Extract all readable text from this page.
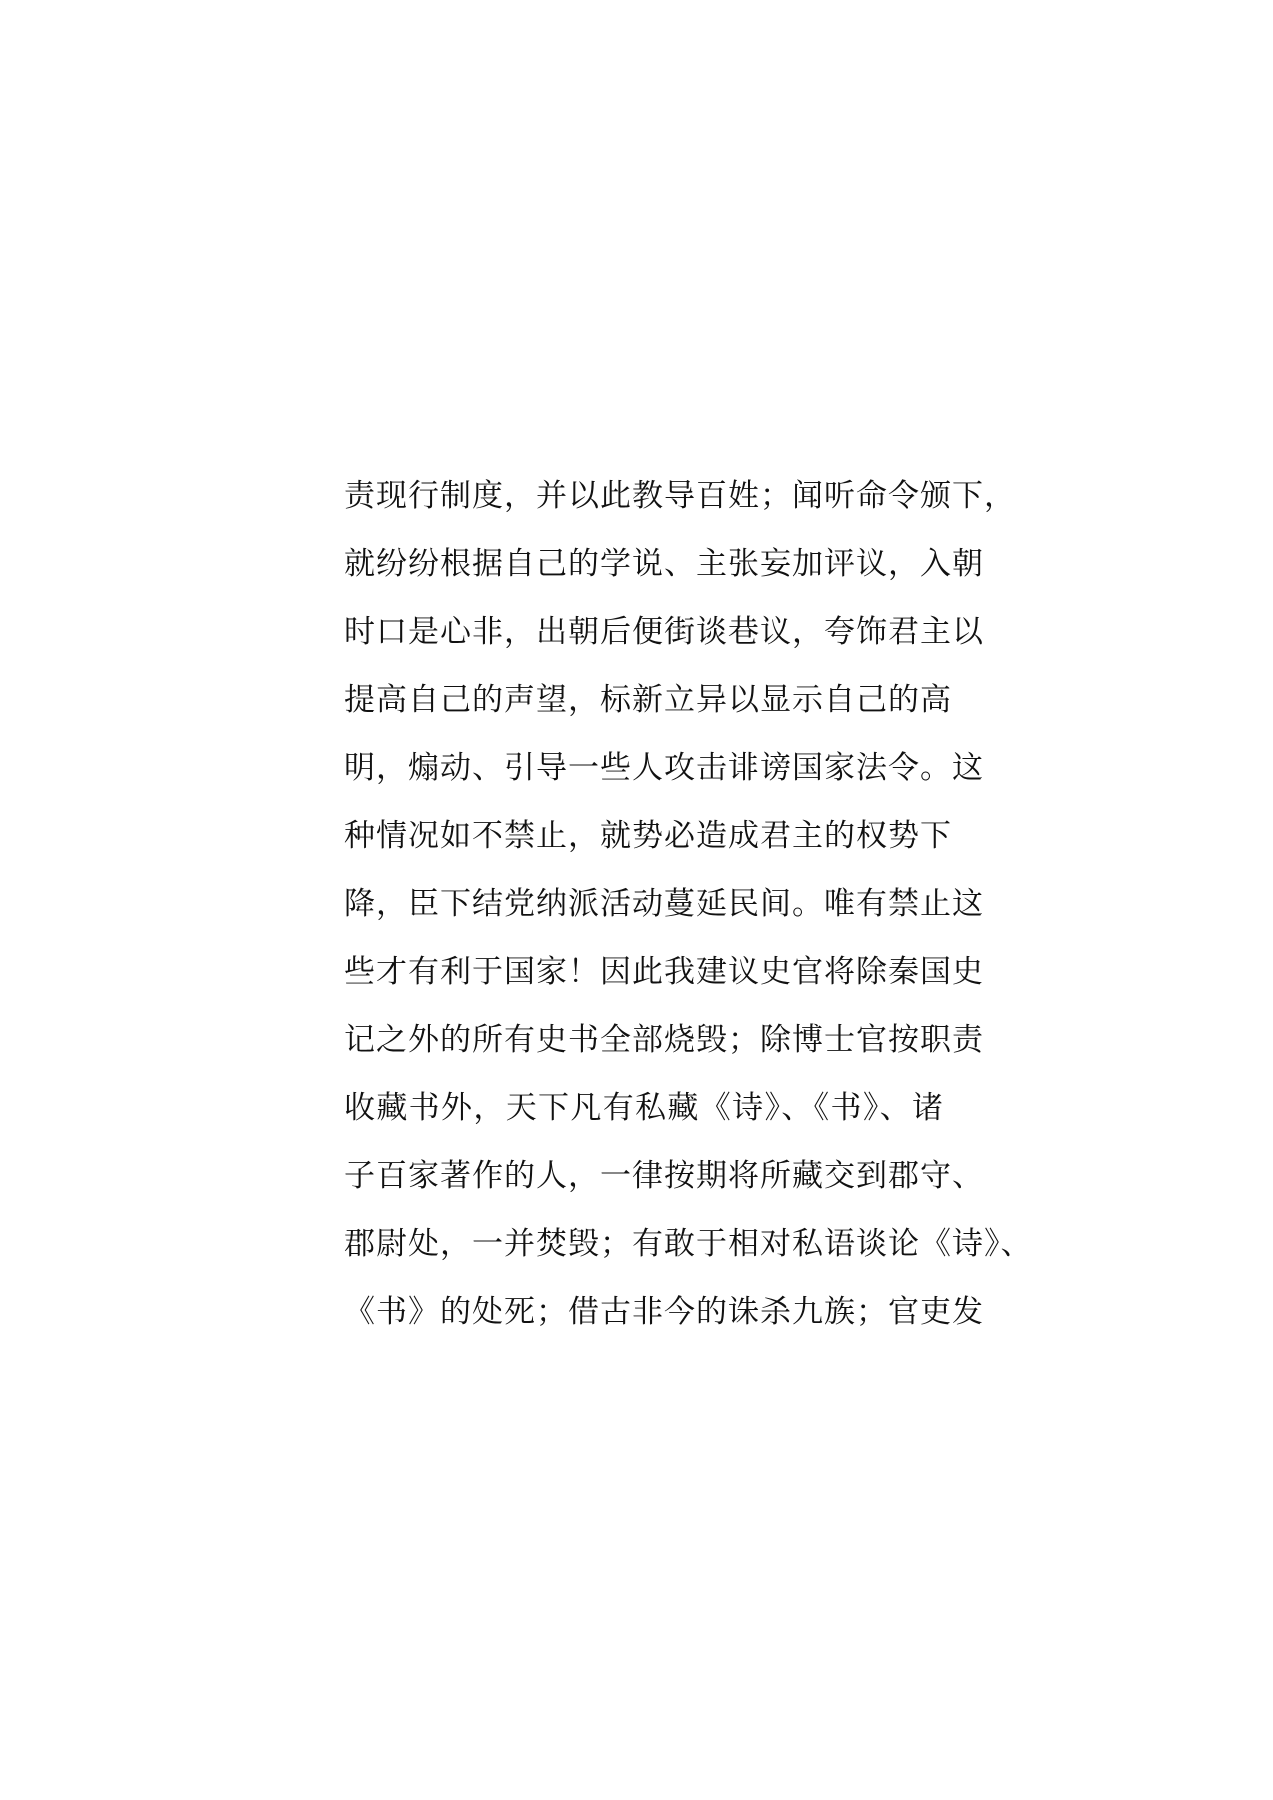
责现行制度，并以此教导百姓；闻听命令颁下，
就纷纷根据自己的学说、主张妄加评议，入朝
时口是心非，出朝后便街谈巷议，夸饰君主以
提高自己的声望，标新立异以显示自己的高
明，煽动、引导一些人攻击诽谤国家法令。这
种情况如不禁止，就势必造成君主的权势下
降，臣下结党纳派活动蔓延民间。唯有禁止这
些才有利于国家！因此我建议史官将除秦国史
记之外的所有史书全部烧毁；除博士官按职责
收藏书外，天下凡有私藏《诗》、《书》、诸
子百家著作的人，一律按期将所藏交到郡守、
郡尉处，一并焚毁；有敢于相对私语谈论《诗》、
《书》的处死；借古非今的诛杀九族；官吏发
